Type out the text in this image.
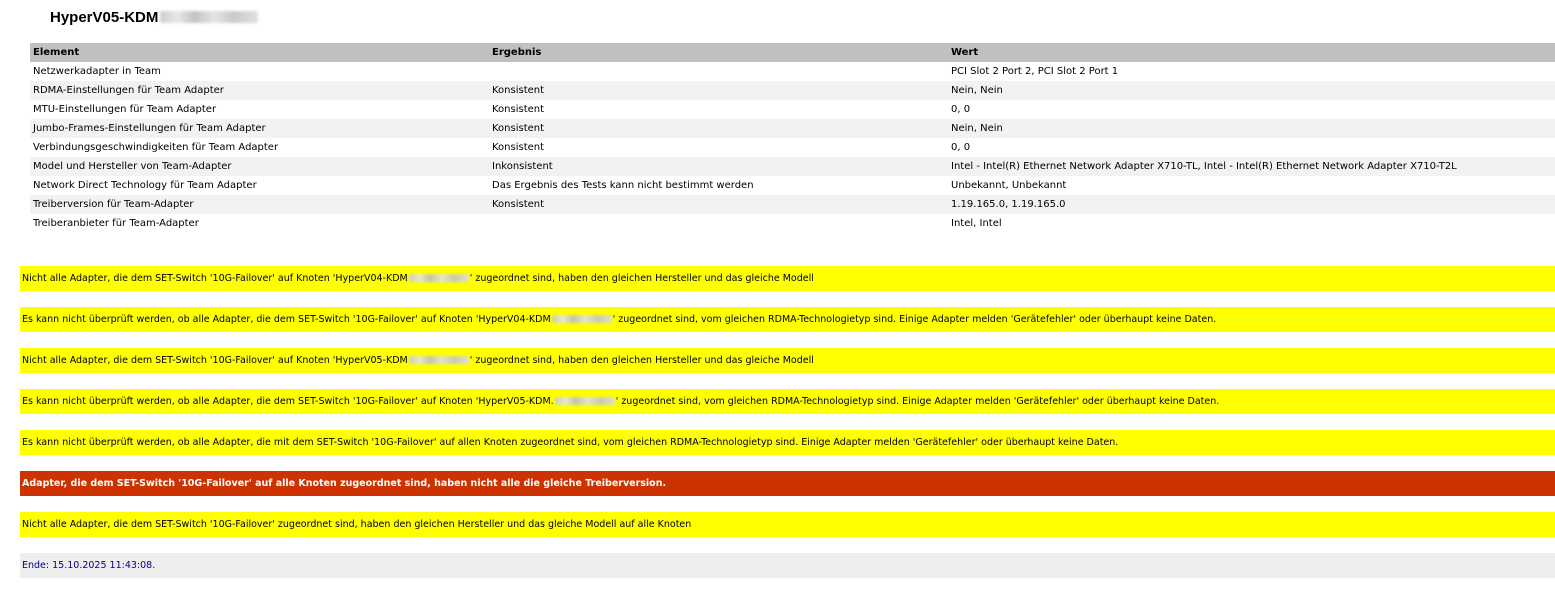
HyperV05-KDM
Element	Ergebnis	Wert
Netzwerkadapter in Team		PCI Slot 2 Port 2, PCI Slot 2 Port 1
RDMA-Einstellungen für Team Adapter	Konsistent	Nein, Nein
MTU-Einstellungen für Team Adapter	Konsistent	0, 0
Jumbo-Frames-Einstellungen für Team Adapter	Konsistent	Nein, Nein
Verbindungsgeschwindigkeiten für Team Adapter	Konsistent	0, 0
Model und Hersteller von Team-Adapter	Inkonsistent	Intel - Intel(R) Ethernet Network Adapter X710-TL, Intel - Intel(R) Ethernet Network Adapter X710-T2L
Network Direct Technology für Team Adapter	Das Ergebnis des Tests kann nicht bestimmt werden	Unbekannt, Unbekannt
Treiberversion für Team-Adapter	Konsistent	1.19.165.0, 1.19.165.0
Treiberanbieter für Team-Adapter		Intel, Intel
Nicht alle Adapter, die dem SET-Switch '10G-Failover' auf Knoten 'HyperV04-KDM	' zugeordnet sind, haben den gleichen Hersteller und das gleiche Modell
Es kann nicht überprüft werden, ob alle Adapter, die dem SET-Switch '10G-Failover' auf Knoten 'HyperV04-KDM	' zugeordnet sind, vom gleichen RDMA-Technologietyp sind. Einige Adapter melden 'Gerätefehler' oder überhaupt keine Daten.
Nicht alle Adapter, die dem SET-Switch '10G-Failover' auf Knoten 'HyperV05-KDM	' zugeordnet sind, haben den gleichen Hersteller und das gleiche Modell
Es kann nicht überprüft werden, ob alle Adapter, die dem SET-Switch '10G-Failover' auf Knoten 'HyperV05-KDM.	' zugeordnet sind, vom gleichen RDMA-Technologietyp sind. Einige Adapter melden 'Gerätefehler' oder überhaupt keine Daten.
Es kann nicht überprüft werden, ob alle Adapter, die mit dem SET-Switch '10G-Failover' auf allen Knoten zugeordnet sind, vom gleichen RDMA-Technologietyp sind. Einige Adapter melden 'Gerätefehler' oder überhaupt keine Daten.
Adapter, die dem SET-Switch '10G-Failover' auf alle Knoten zugeordnet sind, haben nicht alle die gleiche Treiberversion.
Nicht alle Adapter, die dem SET-Switch '10G-Failover' zugeordnet sind, haben den gleichen Hersteller und das gleiche Modell auf alle Knoten
Ende: 15.10.2025 11:43:08.
